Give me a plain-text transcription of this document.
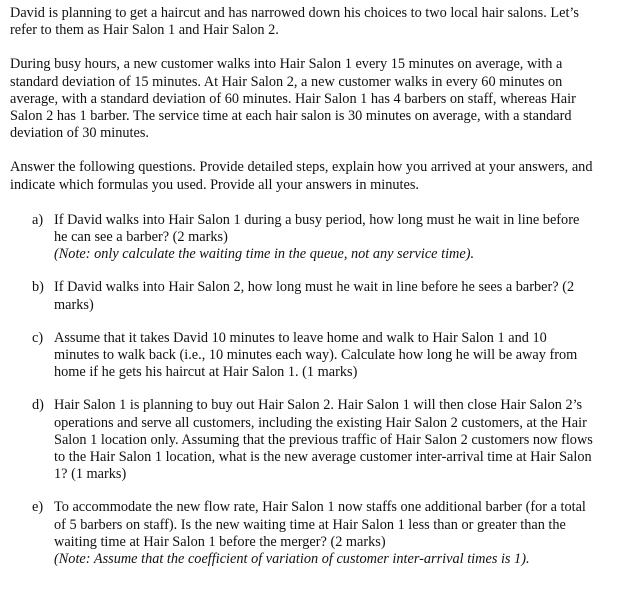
David is planning to get a haircut and has narrowed down his choices to two local hair salons. Let’s refer to them as Hair Salon 1 and Hair Salon 2.

During busy hours, a new customer walks into Hair Salon 1 every 15 minutes on average, with a standard deviation of 15 minutes. At Hair Salon 2, a new customer walks in every 60 minutes on average, with a standard deviation of 60 minutes. Hair Salon 1 has 4 barbers on staff, whereas Hair Salon 2 has 1 barber. The service time at each hair salon is 30 minutes on average, with a standard deviation of 30 minutes.

Answer the following questions. Provide detailed steps, explain how you arrived at your answers, and indicate which formulas you used. Provide all your answers in minutes.

a) If David walks into Hair Salon 1 during a busy period, how long must he wait in line before he can see a barber? (2 marks)
(Note: only calculate the waiting time in the queue, not any service time).
b) If David walks into Hair Salon 2, how long must he wait in line before he sees a barber? (2 marks)
c) Assume that it takes David 10 minutes to leave home and walk to Hair Salon 1 and 10 minutes to walk back (i.e., 10 minutes each way). Calculate how long he will be away from home if he gets his haircut at Hair Salon 1. (1 marks)
d) Hair Salon 1 is planning to buy out Hair Salon 2. Hair Salon 1 will then close Hair Salon 2’s operations and serve all customers, including the existing Hair Salon 2 customers, at the Hair Salon 1 location only. Assuming that the previous traffic of Hair Salon 2 customers now flows to the Hair Salon 1 location, what is the new average customer inter-arrival time at Hair Salon 1? (1 marks)
e) To accommodate the new flow rate, Hair Salon 1 now staffs one additional barber (for a total of 5 barbers on staff). Is the new waiting time at Hair Salon 1 less than or greater than the waiting time at Hair Salon 1 before the merger? (2 marks)
(Note: Assume that the coefficient of variation of customer inter-arrival times is 1).
